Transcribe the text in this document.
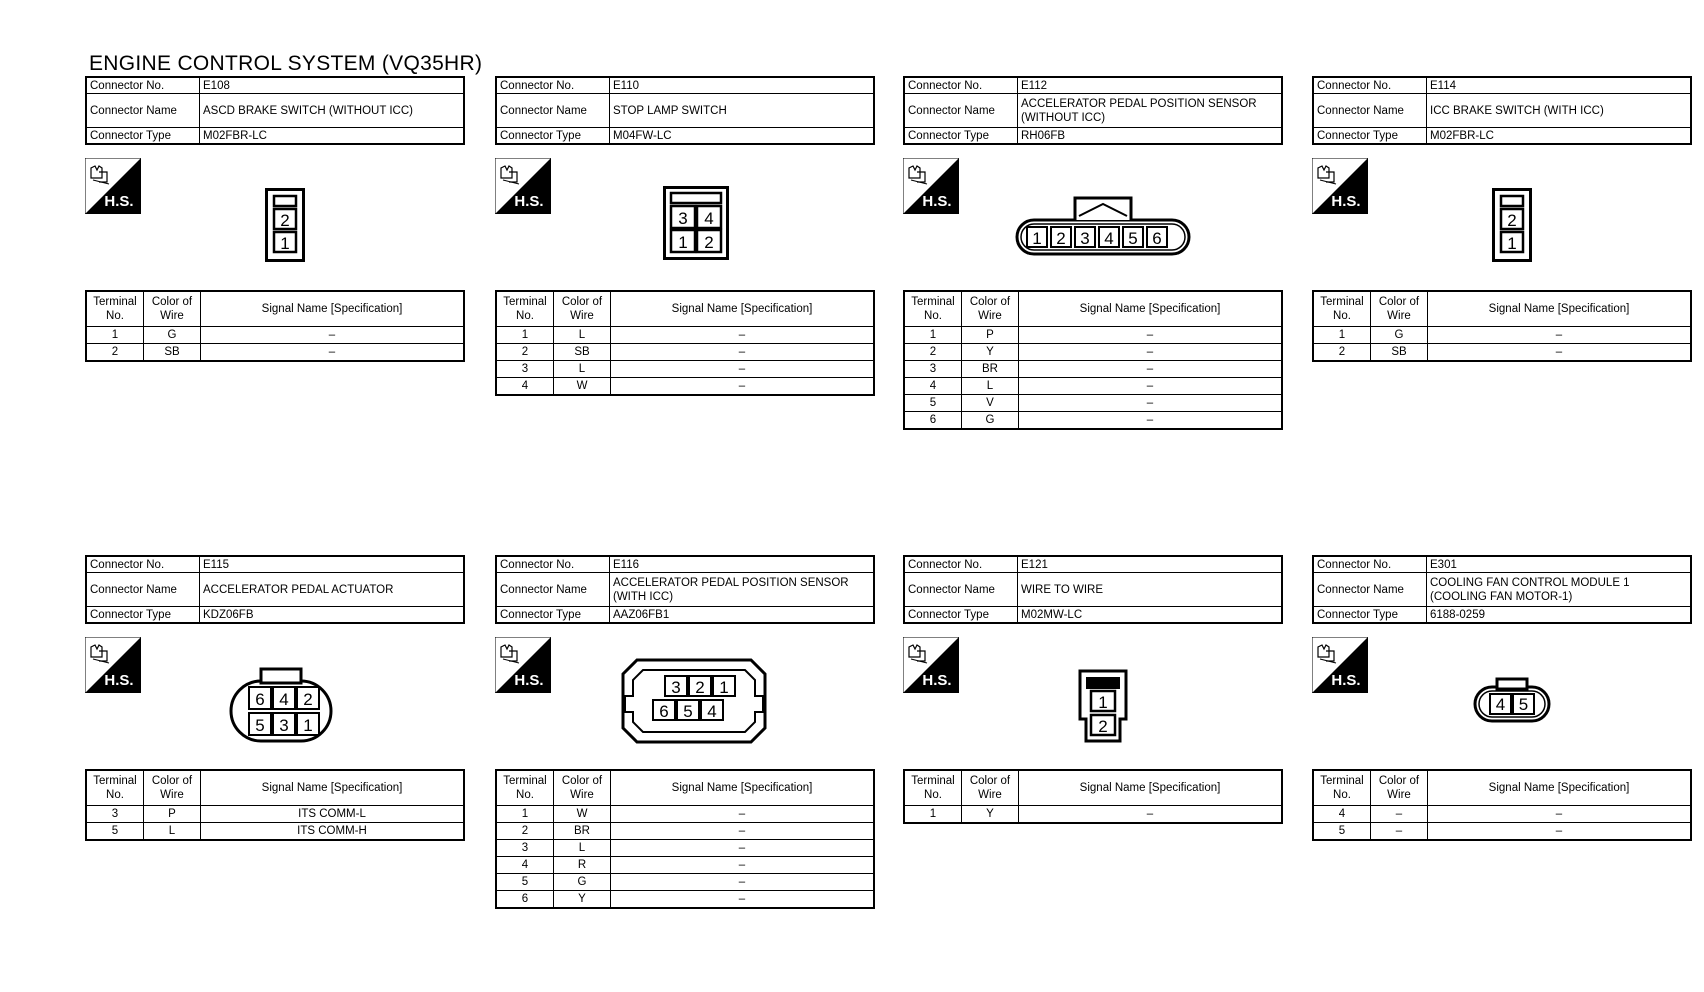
ENGINE CONTROL SYSTEM (VQ35HR)
Connector No.	E108
Connector Name	ASCD BRAKE SWITCH (WITHOUT ICC)
Connector Type	M02FBR-LC
H.S.
2
1
Terminal No.	Color of Wire	Signal Name [Specification]
1	G	–
2	SB	–
Connector No.	E110
Connector Name	STOP LAMP SWITCH
Connector Type	M04FW-LC
H.S.
3 4
1 2
Terminal No.	Color of Wire	Signal Name [Specification]
1	L	–
2	SB	–
3	L	–
4	W	–
Connector No.	E112
Connector Name	ACCELERATOR PEDAL POSITION SENSOR (WITHOUT ICC)
Connector Type	RH06FB
H.S.
1 2 3 4 5 6
Terminal No.	Color of Wire	Signal Name [Specification]
1	P	–
2	Y	–
3	BR	–
4	L	–
5	V	–
6	G	–
Connector No.	E114
Connector Name	ICC BRAKE SWITCH (WITH ICC)
Connector Type	M02FBR-LC
H.S.
2
1
Terminal No.	Color of Wire	Signal Name [Specification]
1	G	–
2	SB	–
Connector No.	E115
Connector Name	ACCELERATOR PEDAL ACTUATOR
Connector Type	KDZ06FB
H.S.
6 4 2
5 3 1
Terminal No.	Color of Wire	Signal Name [Specification]
3	P	ITS COMM-L
5	L	ITS COMM-H
Connector No.	E116
Connector Name	ACCELERATOR PEDAL POSITION SENSOR (WITH ICC)
Connector Type	AAZ06FB1
H.S.	3 2 1
6 5 4
Terminal No.	Color of Wire	Signal Name [Specification]
1	W	–
2	BR	–
3	L	–
4	R	–
5	G	–
6	Y	–
Connector No.	E121
Connector Name	WIRE TO WIRE
Connector Type	M02MW-LC
H.S.
1
2
Terminal No.	Color of Wire	Signal Name [Specification]
1	Y	–
Connector No.	E301
Connector Name	COOLING FAN CONTROL MODULE 1 (COOLING FAN MOTOR-1)
Connector Type	6188-0259
H.S.
4 5
Terminal No.	Color of Wire	Signal Name [Specification]
4	–	–
5	–	–
